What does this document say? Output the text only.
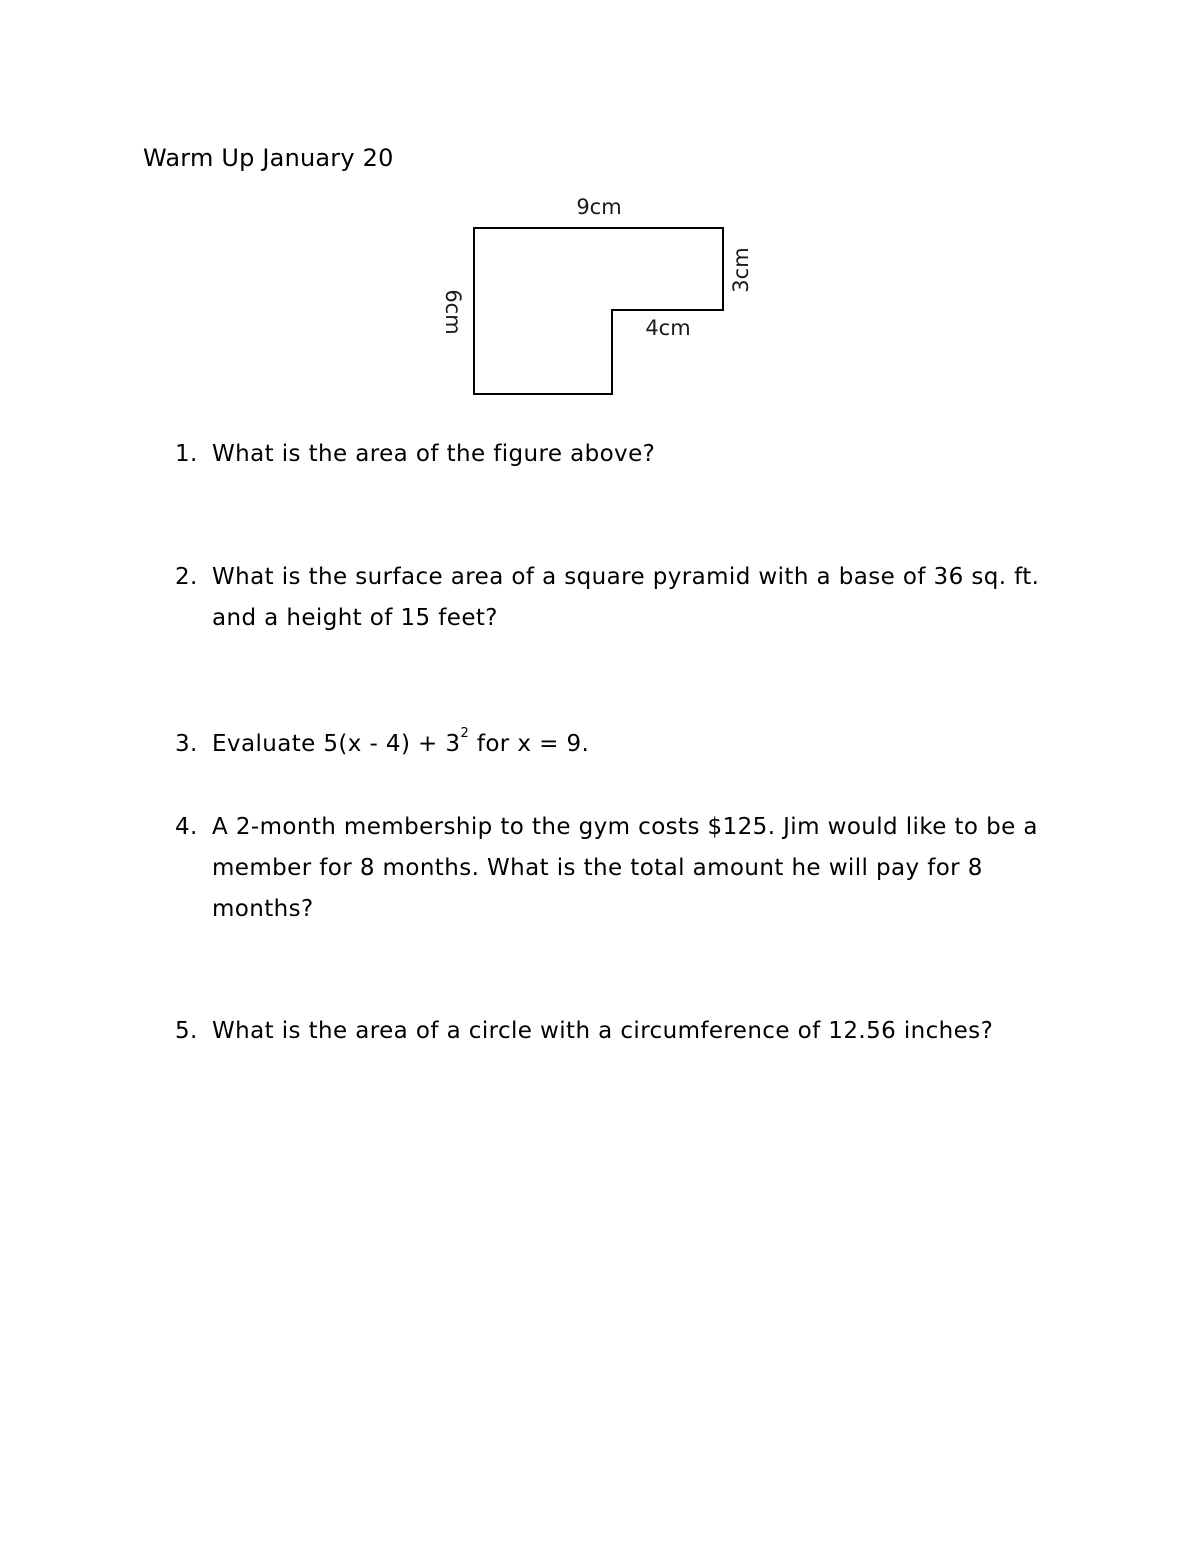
Warm Up January 20
9cm
3cm
4cm
6cm
1. What is the area of the figure above?
2. What is the surface area of a square pyramid with a base of 36 sq. ft. and a height of 15 feet?
3. Evaluate $5(x - 4) + 3^2$ for x = 9.
4. A 2-month membership to the gym costs $125. Jim would like to be a member for 8 months. What is the total amount he will pay for 8 months?
5. What is the area of a circle with a circumference of 12.56 inches?
